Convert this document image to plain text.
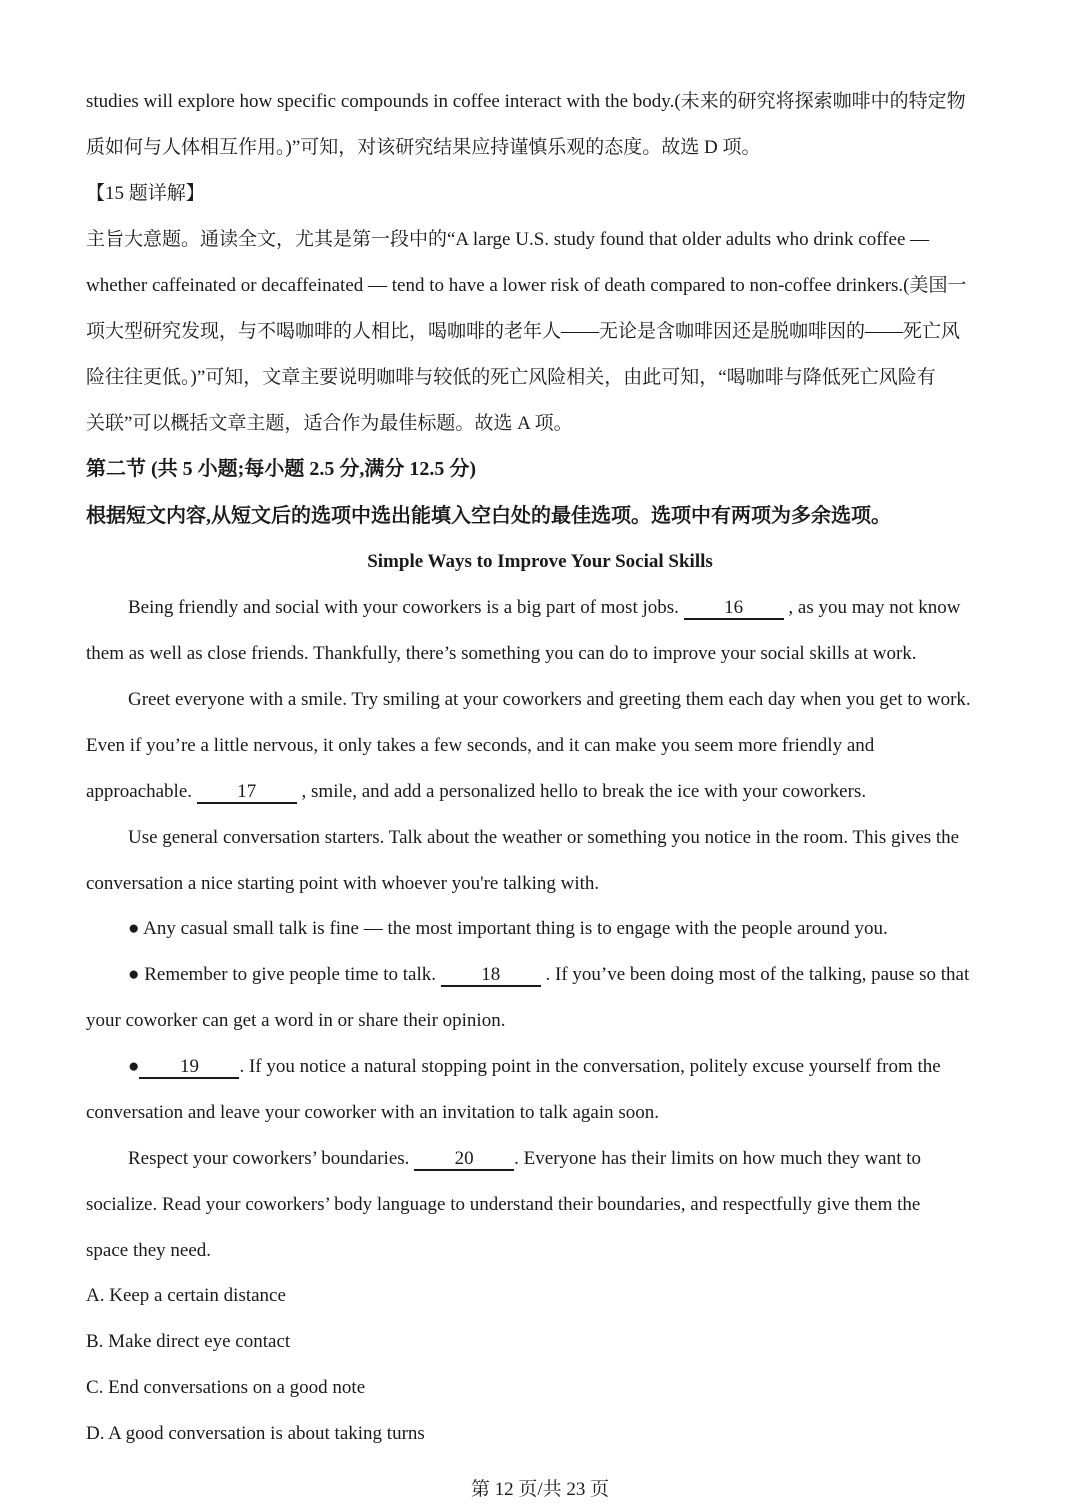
studies will explore how specific compounds in coffee interact with the body.(未来的研究将探索咖啡中的特定物
质如何与人体相互作用。)”可知，对该研究结果应持谨慎乐观的态度。故选 D 项。
【15 题详解】
主旨大意题。通读全文，尤其是第一段中的“A large U.S. study found that older adults who drink coffee —
whether caffeinated or decaffeinated — tend to have a lower risk of death compared to non-coffee drinkers.(美国一
项大型研究发现，与不喝咖啡的人相比，喝咖啡的老年人——无论是含咖啡因还是脱咖啡因的——死亡风
险往往更低。)”可知，文章主要说明咖啡与较低的死亡风险相关，由此可知，“喝咖啡与降低死亡风险有
关联”可以概括文章主题，适合作为最佳标题。故选 A 项。
第二节 (共 5 小题;每小题 2.5 分,满分 12.5 分)
根据短文内容,从短文后的选项中选出能填入空白处的最佳选项。选项中有两项为多余选项。
Simple Ways to Improve Your Social Skills
Being friendly and social with your coworkers is a big part of most jobs. 16 , as you may not know
them as well as close friends. Thankfully, there’s something you can do to improve your social skills at work.
Greet everyone with a smile. Try smiling at your coworkers and greeting them each day when you get to work.
Even if you’re a little nervous, it only takes a few seconds, and it can make you seem more friendly and
approachable. 17 , smile, and add a personalized hello to break the ice with your coworkers.
Use general conversation starters. Talk about the weather or something you notice in the room. This gives the
conversation a nice starting point with whoever you're talking with.
● Any casual small talk is fine — the most important thing is to engage with the people around you.
● Remember to give people time to talk. 18 . If you’ve been doing most of the talking, pause so that
your coworker can get a word in or share their opinion.
● 19 . If you notice a natural stopping point in the conversation, politely excuse yourself from the
conversation and leave your coworker with an invitation to talk again soon.
Respect your coworkers’ boundaries. 20 . Everyone has their limits on how much they want to
socialize. Read your coworkers’ body language to understand their boundaries, and respectfully give them the
space they need.
A. Keep a certain distance
B. Make direct eye contact
C. End conversations on a good note
D. A good conversation is about taking turns
第 12 页/共 23 页
